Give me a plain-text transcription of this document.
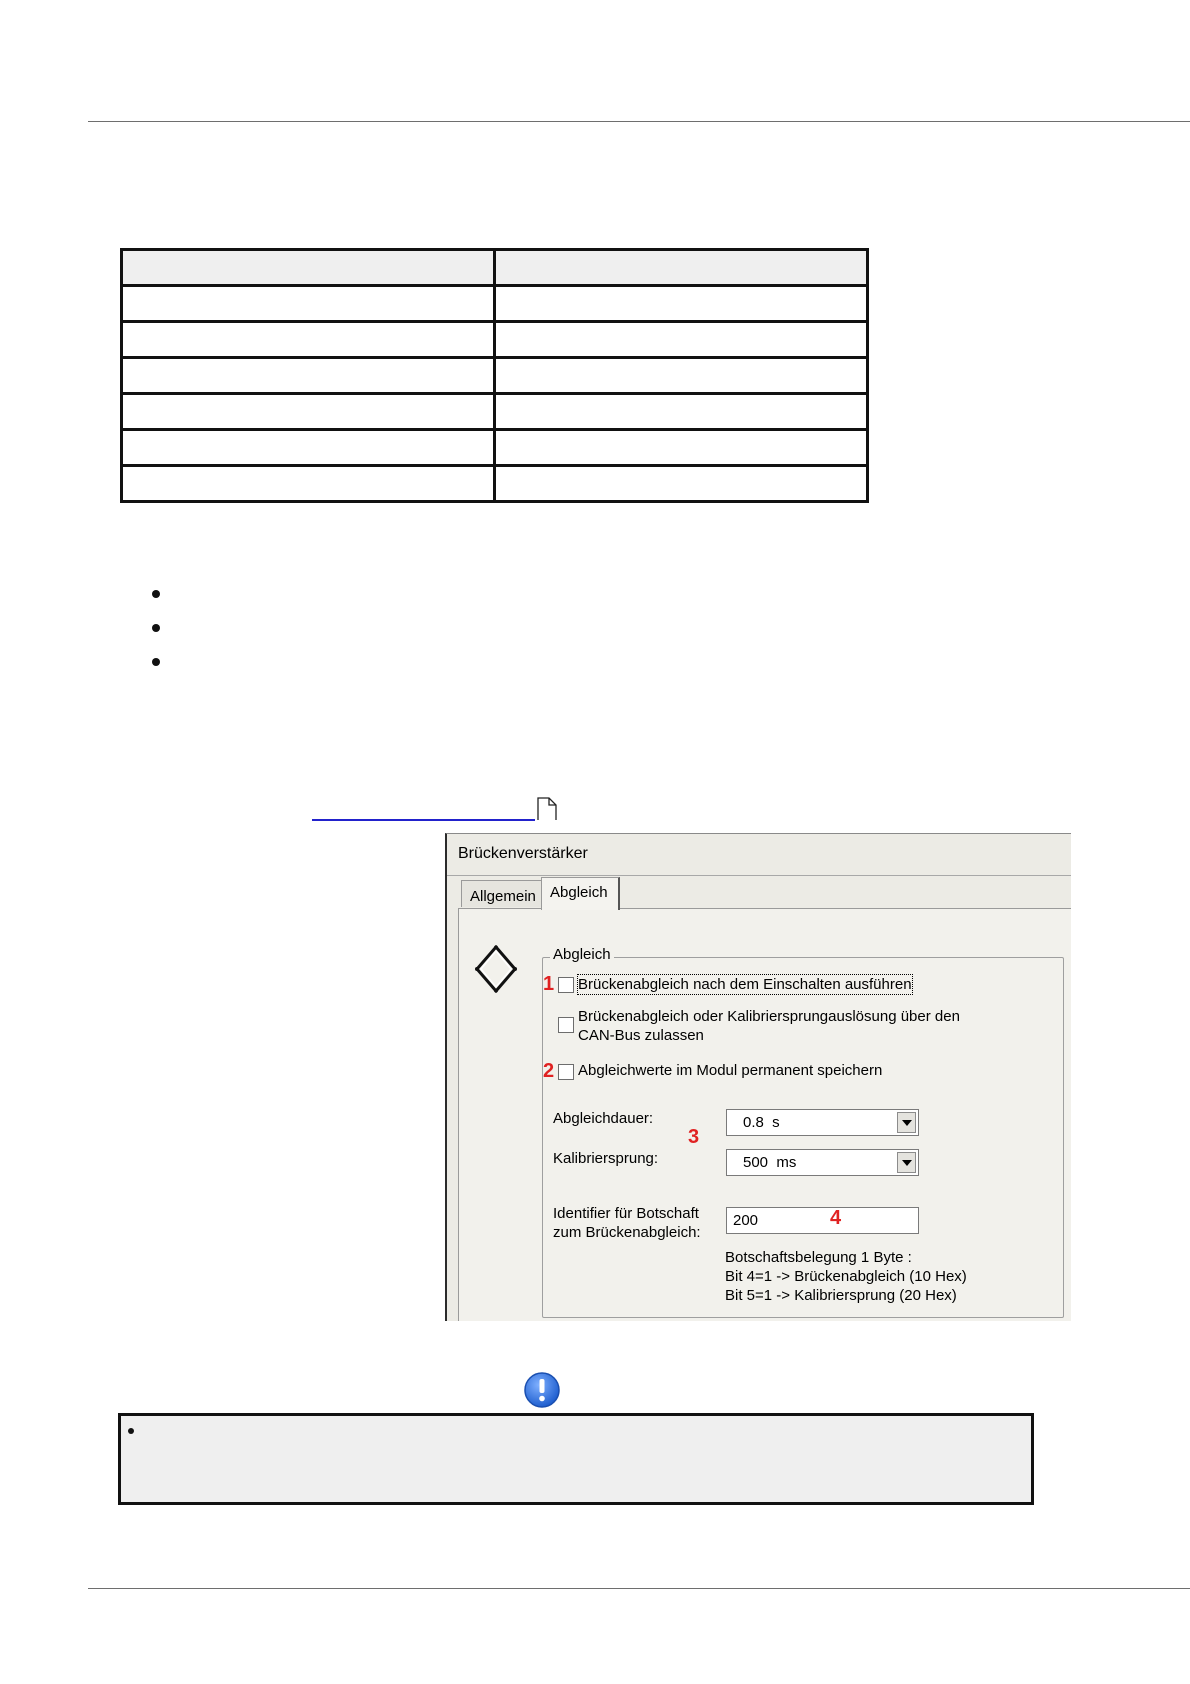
Brückenverstärker
Allgemein Abgleich
Abgleich
1 Brückenabgleich nach dem Einschalten ausführen
Brückenabgleich oder Kalibriersprungauslösung über den
CAN-Bus zulassen
2 Abgleichwerte im Modul permanent speichern
Abgleichdauer:	0.8  s
3
Kalibriersprung:	500  ms
Identifier für Botschaft
zum Brückenabgleich:
200	4
Botschaftsbelegung 1 Byte :
Bit 4=1 -> Brückenabgleich (10 Hex)
Bit 5=1 -> Kalibriersprung (20 Hex)
